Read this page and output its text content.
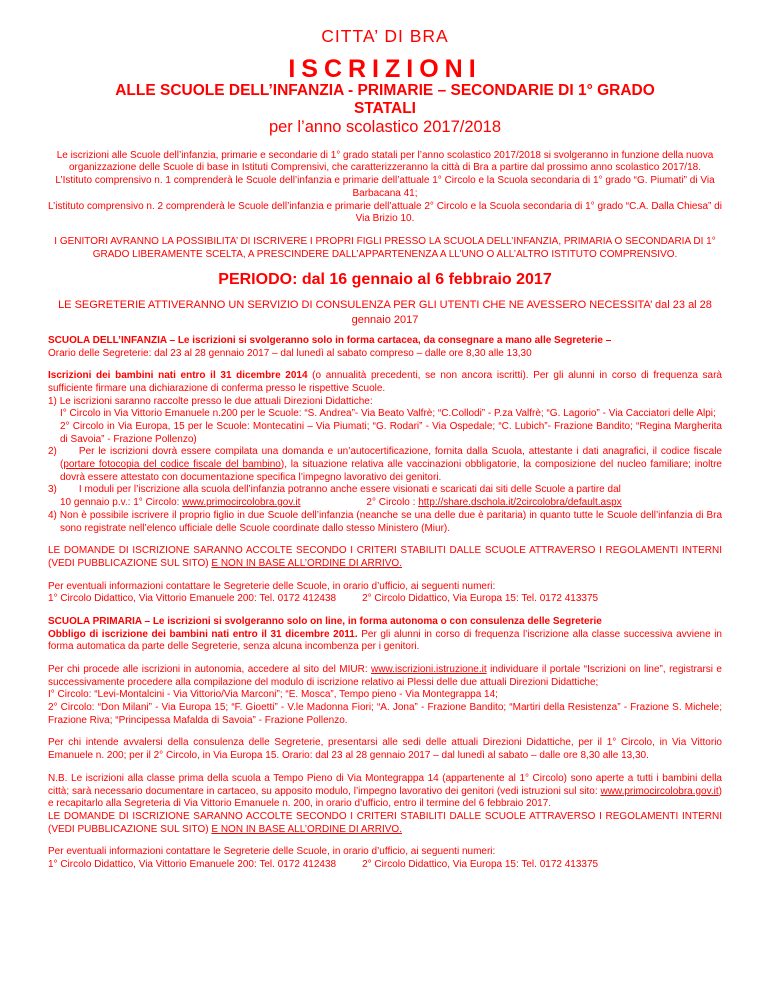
CITTA’ DI BRA

ISCRIZIONI

ALLE SCUOLE DELL’INFANZIA - PRIMARIE – SECONDARIE DI 1° GRADO

STATALI

per l’anno scolastico 2017/2018

Le iscrizioni alle Scuole dell’infanzia, primarie e secondarie di 1° grado statali per l’anno scolastico 2017/2018 si svolgeranno in funzione della nuova organizzazione delle Scuole di base in Istituti Comprensivi, che caratterizzeranno la città di Bra a partire dal prossimo anno scolastico 2017/18.

L’Istituto comprensivo n. 1 comprenderà le Scuole dell’infanzia e primarie dell’attuale 1° Circolo e la Scuola secondaria di 1° grado “G. Piumati” di Via Barbacana 41;

L’istituto comprensivo n. 2 comprenderà le Scuole dell’infanzia e primarie dell’attuale 2° Circolo e la Scuola secondaria di 1° grado “C.A. Dalla Chiesa” di Via Brizio 10.

I GENITORI AVRANNO LA POSSIBILITA’ DI ISCRIVERE I PROPRI FIGLI PRESSO LA SCUOLA DELL’INFANZIA, PRIMARIA O SECONDARIA DI 1° GRADO LIBERAMENTE SCELTA, A PRESCINDERE DALL’APPARTENENZA A LL’UNO O ALL’ALTRO ISTITUTO COMPRENSIVO.

PERIODO: dal 16 gennaio al 6 febbraio 2017

LE SEGRETERIE ATTIVERANNO UN SERVIZIO DI CONSULENZA PER GLI UTENTI CHE NE AVESSERO NECESSITA’ dal 23 al 28 gennaio 2017

SCUOLA DELL’INFANZIA – Le iscrizioni si svolgeranno solo in forma cartacea, da consegnare a mano alle Segreterie –

Orario delle Segreterie: dal 23 al 28 gennaio 2017 – dal lunedì al sabato compreso – dalle ore 8,30 alle 13,30

Iscrizioni dei bambini nati entro il 31 dicembre 2014 (o annualità precedenti, se non ancora iscritti). Per gli alunni in corso di frequenza sarà sufficiente firmare una dichiarazione di conferma presso le rispettive Scuole.

1) Le iscrizioni saranno raccolte presso le due attuali Direzioni Didattiche:
I° Circolo in Via Vittorio Emanuele n.200 per le Scuole: “S. Andrea”- Via Beato Valfrè; “C.Collodi” - P.za Valfrè; “G. Lagorio” - Via Cacciatori delle Alpi;
2° Circolo in Via Europa, 15 per le Scuole: Montecatini – Via Piumati; “G. Rodari” - Via Ospedale; “C. Lubich”- Frazione Bandito; “Regina Margherita di Savoia” - Frazione Pollenzo)
2) Per le iscrizioni dovrà essere compilata una domanda e un’autocertificazione, fornita dalla Scuola, attestante i dati anagrafici, il codice fiscale (portare fotocopia del codice fiscale del bambino), la situazione relativa alle vaccinazioni obbligatorie, la composizione del nucleo familiare; inoltre dovrà essere attestato con documentazione specifica l’impegno lavorativo dei genitori.
3) I moduli per l’iscrizione alla scuola dell’infanzia potranno anche essere visionati e scaricati dai siti delle Scuole a partire dal
10 gennaio p.v.: 1° Circolo: www.primocircolobra.gov.it	2° Circolo : http://share.dschola.it/2circolobra/default.aspx
4) Non è possibile iscrivere il proprio figlio in due Scuole dell’infanzia (neanche se una delle due è paritaria) in quanto tutte le Scuole dell’infanzia di Bra sono registrate nell’elenco ufficiale delle Scuole coordinate dallo stesso Ministero (Miur).

LE DOMANDE DI ISCRIZIONE SARANNO ACCOLTE SECONDO I CRITERI STABILITI DALLE SCUOLE ATTRAVERSO I REGOLAMENTI INTERNI (VEDI PUBBLICAZIONE SUL SITO) E NON IN BASE ALL’ORDINE DI ARRIVO.

Per eventuali informazioni contattare le Segreterie delle Scuole, in orario d’ufficio, ai seguenti numeri:

1° Circolo Didattico, Via Vittorio Emanuele 200: Tel. 0172 412438	2° Circolo Didattico, Via Europa 15: Tel. 0172 413375

SCUOLA PRIMARIA – Le iscrizioni si svolgeranno solo on line, in forma autonoma o con consulenza delle Segreterie

Obbligo di iscrizione dei bambini nati entro il 31 dicembre 2011. Per gli alunni in corso di frequenza l’iscrizione alla classe successiva avviene in forma automatica da parte delle Segreterie, senza alcuna incombenza per i genitori.

Per chi procede alle iscrizioni in autonomia, accedere al sito del MIUR: www.iscrizioni.istruzione.it individuare il portale “Iscrizioni on line”, registrarsi e successivamente procedere alla compilazione del modulo di iscrizione relativo ai Plessi delle due attuali Direzioni Didattiche;

I° Circolo: “Levi-Montalcini - Via Vittorio/Via Marconi”; “E. Mosca”, Tempo pieno - Via Montegrappa 14;

2° Circolo: “Don Milani” - Via Europa 15; “F. Gioetti” - V.le Madonna Fiori; “A. Jona” - Frazione Bandito; “Martiri della Resistenza” - Frazione S. Michele; Frazione Riva; “Principessa Mafalda di Savoia” - Frazione Pollenzo.

Per chi intende avvalersi della consulenza delle Segreterie, presentarsi alle sedi delle attuali Direzioni Didattiche, per il 1° Circolo, in Via Vittorio Emanuele n. 200; per il 2° Circolo, in Via Europa 15. Orario: dal 23 al 28 gennaio 2017 – dal lunedì al sabato – dalle ore 8,30 alle 13,30.

N.B. Le iscrizioni alla classe prima della scuola a Tempo Pieno di Via Montegrappa 14 (appartenente al 1° Circolo) sono aperte a tutti i bambini della città; sarà necessario documentare in cartaceo, su apposito modulo, l’impegno lavorativo dei genitori (vedi istruzioni sul sito: www.primocircolobra.gov.it) e recapitarlo alla Segreteria di Via Vittorio Emanuele n. 200, in orario d’ufficio, entro il termine del 6 febbraio 2017.

LE DOMANDE DI ISCRIZIONE SARANNO ACCOLTE SECONDO I CRITERI STABILITI DALLE SCUOLE ATTRAVERSO I REGOLAMENTI INTERNI (VEDI PUBBLICAZIONE SUL SITO) E NON IN BASE ALL’ORDINE DI ARRIVO.

Per eventuali informazioni contattare le Segreterie delle Scuole, in orario d’ufficio, ai seguenti numeri:

1° Circolo Didattico, Via Vittorio Emanuele 200: Tel. 0172 412438	2° Circolo Didattico, Via Europa 15: Tel. 0172 413375
